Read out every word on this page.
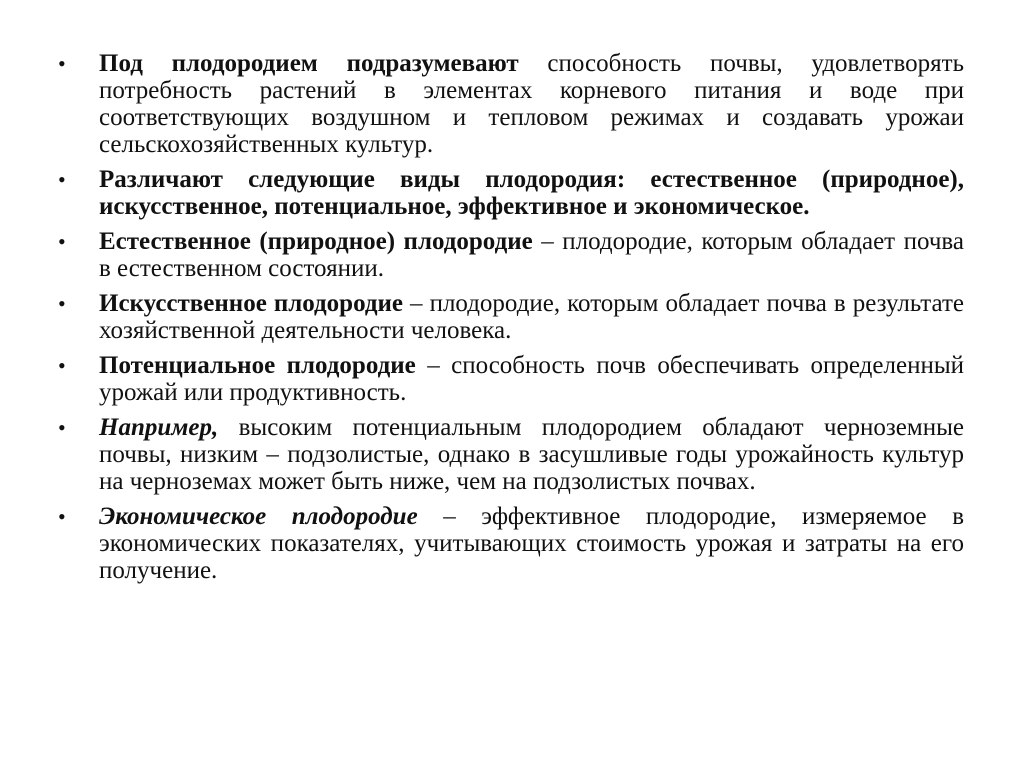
• Под плодородием подразумевают способность почвы, удовлетворять потребность растений в элементах корневого питания и воде при соответствующих воздушном и тепловом режимах и создавать урожаи сельскохозяйственных культур.
• Различают следующие виды плодородия: естественное (природное), искусственное, потенциальное, эффективное и экономическое.
• Естественное (природное) плодородие – плодородие, которым обладает почва в естественном состоянии.
• Искусственное плодородие – плодородие, которым обладает почва в результате хозяйственной деятельности человека.
• Потенциальное плодородие – способность почв обеспечивать определенный урожай или продуктивность.
• Например, высоким потенциальным плодородием обладают черноземные почвы, низким – подзолистые, однако в засушливые годы урожайность культур на черноземах может быть ниже, чем на подзолистых почвах.
• Экономическое плодородие – эффективное плодородие, измеряемое в экономических показателях, учитывающих стоимость урожая и затраты на его получение.
